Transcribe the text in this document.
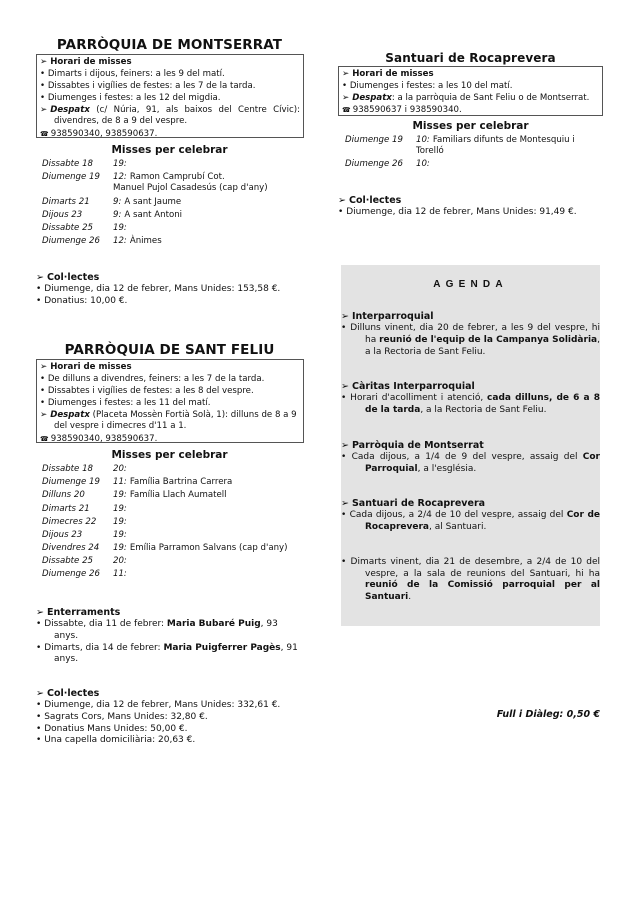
PARRÒQUIA DE MONTSERRAT
➢ Horari de misses
• Dimarts i dijous, feiners: a les 9 del matí.
• Dissabtes i vigílies de festes: a les 7 de la tarda.
• Diumenges i festes: a les 12 del migdia.
➢ Despatx (c/ Núria, 91, als baixos del Centre Cívic): divendres, de 8 a 9 del vespre.
☎ 938590340, 938590637.
Misses per celebrar
Dissabte 18	19:
Diumenge 19	12: Ramon Camprubí Cot.
Manuel Pujol Casadesús (cap d'any)
Dimarts 21	9: A sant Jaume
Dijous 23	9: A sant Antoni
Dissabte 25	19:
Diumenge 26	12: Ànimes
➢ Col·lectes
• Diumenge, dia 12 de febrer, Mans Unides: 153,58 €.
• Donatius: 10,00 €.
PARRÒQUIA DE SANT FELIU
➢ Horari de misses
• De dilluns a divendres, feiners: a les 7 de la tarda.
• Dissabtes i vigílies de festes: a les 8 del vespre.
• Diumenges i festes: a les 11 del matí.
➢ Despatx (Placeta Mossèn Fortià Solà, 1): dilluns de 8 a 9 del vespre i dimecres d'11 a 1.
☎ 938590340, 938590637.
Misses per celebrar
Dissabte 18	20:
Diumenge 19	11: Família Bartrina Carrera
Dilluns 20	19: Família Llach Aumatell
Dimarts 21	19:
Dimecres 22	19:
Dijous 23	19:
Divendres 24	19: Emília Parramon Salvans (cap d'any)
Dissabte 25	20:
Diumenge 26	11:
➢ Enterraments
• Dissabte, dia 11 de febrer: Maria Bubaré Puig, 93 anys.
• Dimarts, dia 14 de febrer: Maria Puigferrer Pagès, 91 anys.
➢ Col·lectes
• Diumenge, dia 12 de febrer, Mans Unides: 332,61 €.
• Sagrats Cors, Mans Unides: 32,80 €.
• Donatius Mans Unides: 50,00 €.
• Una capella domiciliària: 20,63 €.
Santuari de Rocaprevera
➢ Horari de misses
• Diumenges i festes: a les 10 del matí.
➢ Despatx: a la parròquia de Sant Feliu o de Montserrat.
☎ 938590637 i 938590340.
Misses per celebrar
Diumenge 19	10: Familiars difunts de Montesquiu i
Torelló
Diumenge 26	10:
➢ Col·lectes
• Diumenge, dia 12 de febrer, Mans Unides: 91,49 €.
AGENDA
➢ Interparroquial
• Dilluns vinent, dia 20 de febrer, a les 9 del vespre, hi ha reunió de l'equip de la Campanya Solidària, a la Rectoria de Sant Feliu.
➢ Càritas Interparroquial
• Horari d'acolliment i atenció, cada dilluns, de 6 a 8 de la tarda, a la Rectoria de Sant Feliu.
➢ Parròquia de Montserrat
• Cada dijous, a 1/4 de 9 del vespre, assaig del Cor Parroquial, a l'església.
➢ Santuari de Rocaprevera
• Cada dijous, a 2/4 de 10 del vespre, assaig del Cor de Rocaprevera, al Santuari.
• Dimarts vinent, dia 21 de desembre, a 2/4 de 10 del vespre, a la sala de reunions del Santuari, hi ha reunió de la Comissió parroquial per al Santuari.
Full i Diàleg: 0,50 €
